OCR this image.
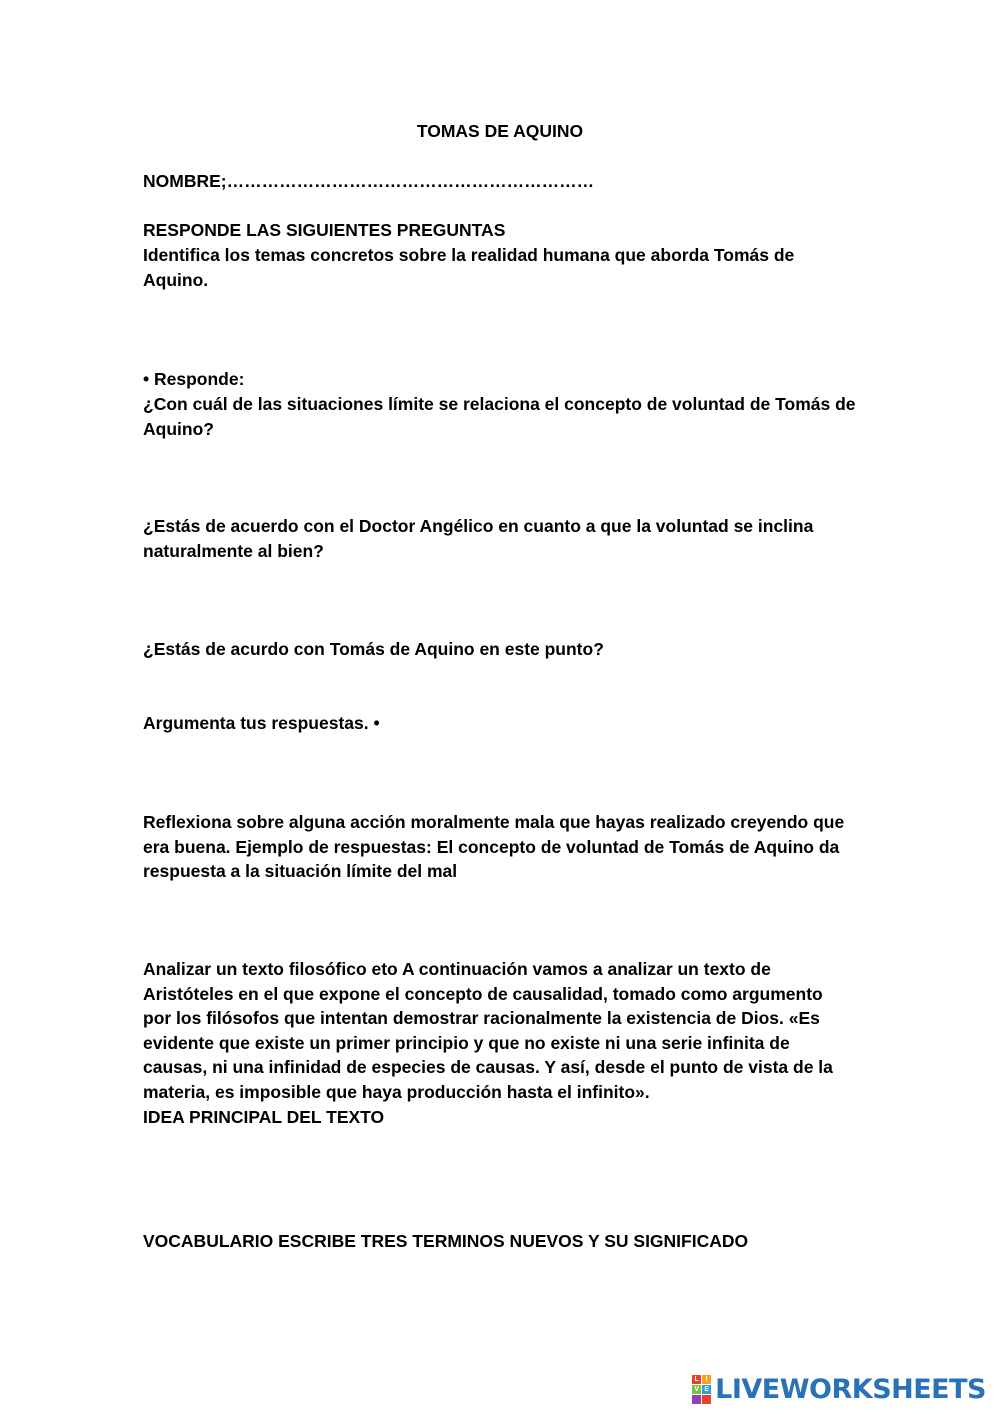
TOMAS DE AQUINO

NOMBRE;………………………………………………………

RESPONDE LAS SIGUIENTES PREGUNTAS

Identifica los temas concretos sobre la realidad humana que aborda Tomás de
Aquino.

• Responde:

¿Con cuál de las situaciones límite se relaciona el concepto de voluntad de Tomás de
Aquino?

¿Estás de acuerdo con el Doctor Angélico en cuanto a que la voluntad se inclina
naturalmente al bien?

¿Estás de acurdo con Tomás de Aquino en este punto?

Argumenta tus respuestas. •

Reflexiona sobre alguna acción moralmente mala que hayas realizado creyendo que
era buena. Ejemplo de respuestas: El concepto de voluntad de Tomás de Aquino da
respuesta a la situación límite del mal

Analizar un texto filosófico eto A continuación vamos a analizar un texto de
Aristóteles en el que expone el concepto de causalidad, tomado como argumento
por los filósofos que intentan demostrar racionalmente la existencia de Dios. «Es
evidente que existe un primer principio y que no existe ni una serie infinita de
causas, ni una infinidad de especies de causas. Y así, desde el punto de vista de la
materia, es imposible que haya producción hasta el infinito».
IDEA PRINCIPAL DEL TEXTO

VOCABULARIO ESCRIBE TRES TERMINOS NUEVOS Y SU SIGNIFICADO

L I
V E LIVEWORKSHEETS
